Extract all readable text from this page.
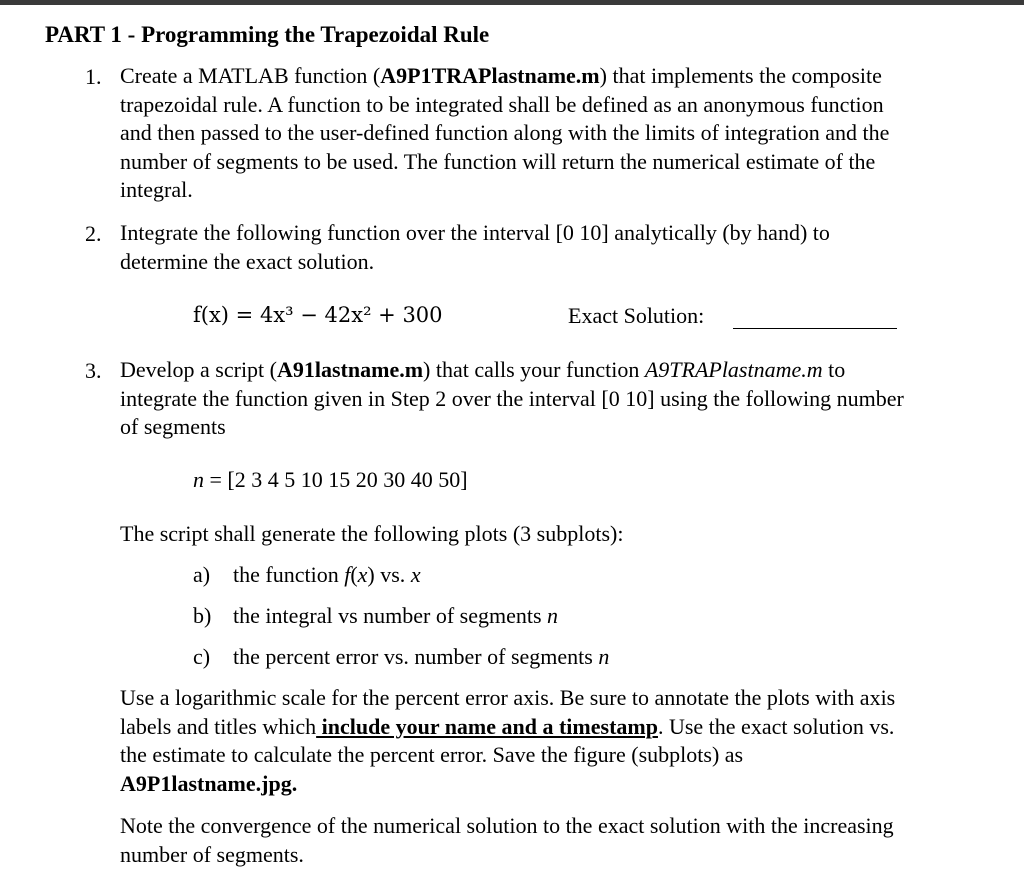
PART 1 - Programming the Trapezoidal Rule
1. Create a MATLAB function (A9P1TRAPlastname.m) that implements the composite
trapezoidal rule. A function to be integrated shall be defined as an anonymous function
and then passed to the user-defined function along with the limits of integration and the
number of segments to be used. The function will return the numerical estimate of the
integral.
2. Integrate the following function over the interval [0 10] analytically (by hand) to
determine the exact solution.
f(x) = 4x³ − 42x² + 300	Exact Solution:
3. Develop a script (A91lastname.m) that calls your function A9TRAPlastname.m to
integrate the function given in Step 2 over the interval [0 10] using the following number
of segments
n = [2 3 4 5 10 15 20 30 40 50]
The script shall generate the following plots (3 subplots):
a) the function f(x) vs. x
b) the integral vs number of segments n
c) the percent error vs. number of segments n
Use a logarithmic scale for the percent error axis. Be sure to annotate the plots with axis
labels and titles which include your name and a timestamp. Use the exact solution vs.
the estimate to calculate the percent error. Save the figure (subplots) as
A9P1lastname.jpg.
Note the convergence of the numerical solution to the exact solution with the increasing
number of segments.
